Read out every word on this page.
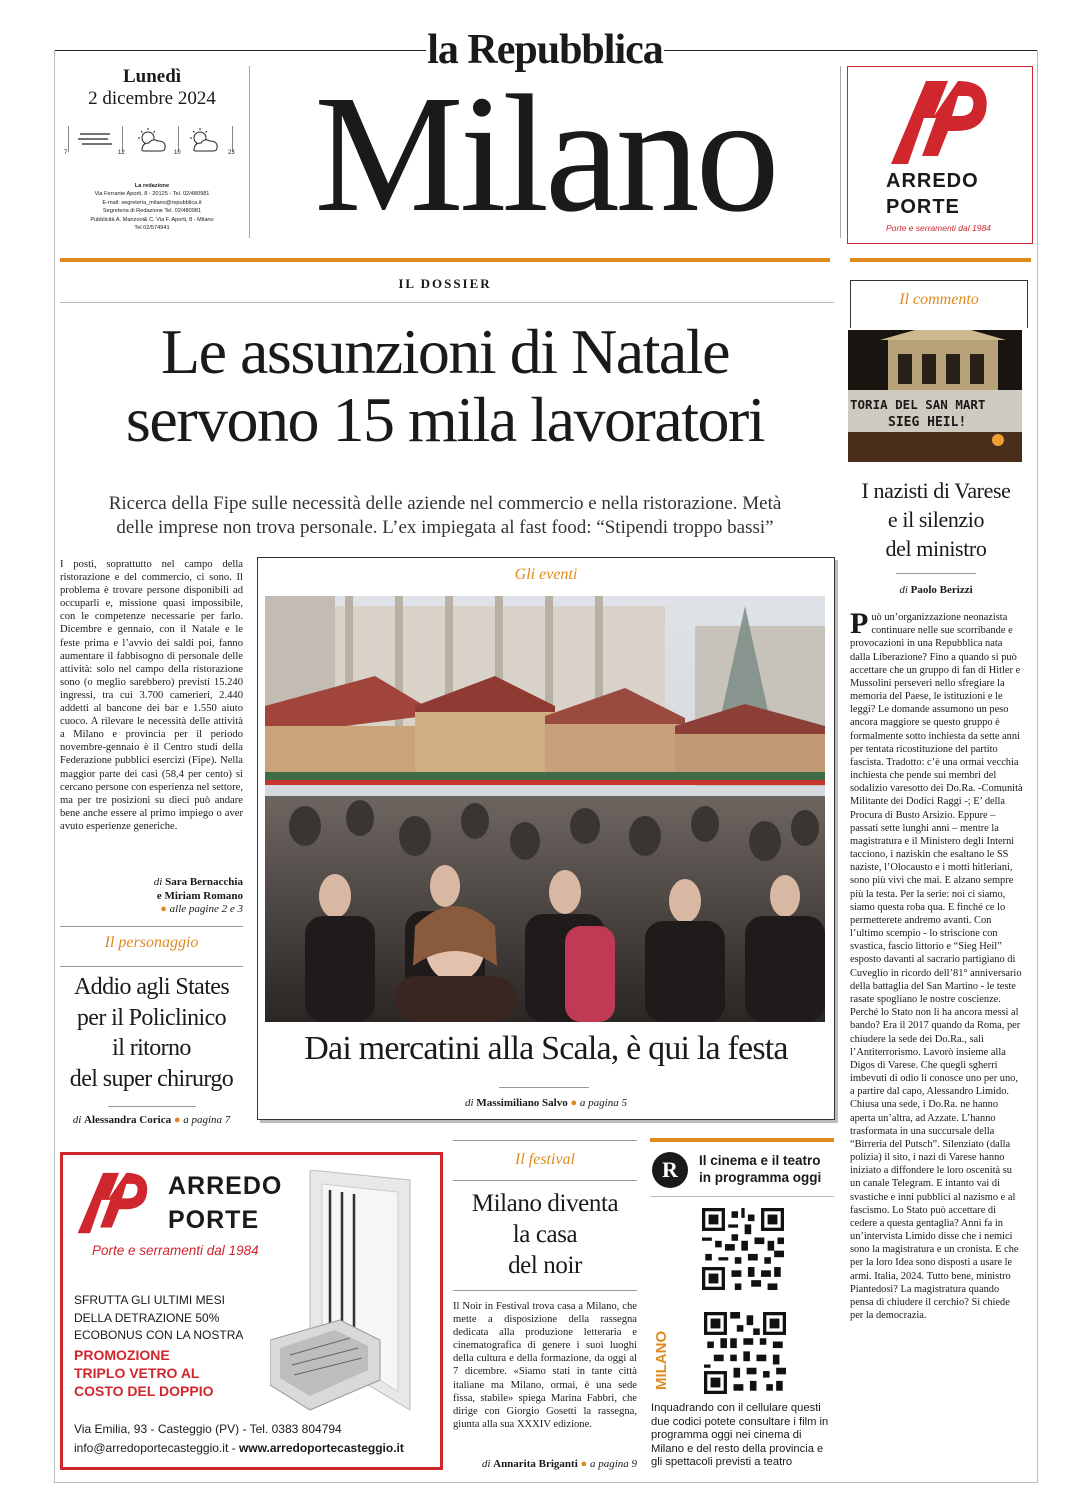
la Repubblica
Milano
Lunedì
2 dicembre 2024
7	12	10	23
La redazione
Via Ferrante Aporti, 8 - 20125 - Tel. 02/480981
E-mail: segreteria_milano@repubblica.it
Segreteria di Redazione Tel. 02/480981
Pubblicità A. Manzoni& C. Via F. Aporti, 8 - Milano
Tel 02/574941
ARREDO
PORTE
Porte e serramenti dal 1984
IL DOSSIER
Le assunzioni di Natale
servono 15 mila lavoratori
Ricerca della Fipe sulle necessità delle aziende nel commercio e nella ristorazione. Metà
delle imprese non trova personale. L’ex impiegata al fast food: “Stipendi troppo bassi”
I posti, soprattutto nel campo della ristorazione e del commercio, ci sono. Il problema è trovare persone disponibili ad occuparli e, missione quasi impossibile, con le competenze necessarie per farlo. Dicembre e gennaio, con il Natale e le feste prima e l’avvio dei saldi poi, fanno aumentare il fabbisogno di personale delle attività: solo nel campo della ristorazione sono (o meglio sarebbero) previsti 15.240 ingressi, tra cui 3.700 camerieri, 2.440 addetti al bancone dei bar e 1.550 aiuto cuoco. A rilevare le necessità delle attività a Milano e provincia per il periodo novembre-gennaio è il Centro studi della Federazione pubblici esercizi (Fipe). Nella maggior parte dei casi (58,4 per cento) si cercano persone con esperienza nel settore, ma per tre posizioni su dieci può andare bene anche essere al primo impiego o aver avuto esperienze generiche.
di Sara Bernacchia
e Miriam Romano
● alle pagine 2 e 3
Il personaggio
Addio agli States
per il Policlinico
il ritorno
del super chirurgo
di Alessandra Corica ● a pagina 7
Gli eventi
Dai mercatini alla Scala, è qui la festa
di Massimiliano Salvo ● a pagina 5
Il commento
TORIA DEL SAN MART
SIEG HEIL!
I nazisti di Varese
e il silenzio
del ministro
di Paolo Berizzi
Può un’organizzazione neonazista continuare nelle sue scorribande e provocazioni in una Repubblica nata dalla Liberazione? Fino a quando si può accettare che un gruppo di fan di Hitler e Mussolini perseveri nello sfregiare la memoria del Paese, le istituzioni e le leggi? Le domande assumono un peso ancora maggiore se questo gruppo è formalmente sotto inchiesta da sette anni per tentata ricostituzione del partito fascista. Tradotto: c’è una ormai vecchia inchiesta che pende sui membri del sodalizio varesotto dei Do.Ra. -Comunità Militante dei Dodici Raggi -; E’ della Procura di Busto Arsizio. Eppure – passati sette lunghi anni – mentre la magistratura e il Ministero degli Interni tacciono, i naziskin che esaltano le SS naziste, l’Olocausto e i motti hitleriani, sono più vivi che mai. E alzano sempre più la testa. Per la serie: noi ci siamo, siamo questa roba qua. E finché ce lo permetterete andremo avanti. Con l’ultimo scempio - lo striscione con svastica, fascio littorio e “Sieg Heil” esposto davanti al sacrario partigiano di Cuveglio in ricordo dell’81° anniversario della battaglia del San Martino - le teste rasate spogliano le nostre coscienze. Perché lo Stato non li ha ancora messi al bando? Era il 2017 quando da Roma, per chiudere la sede dei Do.Ra., salì l’Antiterrorismo. Lavorò insieme alla Digos di Varese. Che quegli sgherri imbevuti di odio li conosce uno per uno, a partire dal capo, Alessandro Limido. Chiusa una sede, i Do.Ra. ne hanno aperta un’altra, ad Azzate. L’hanno trasformata in una succursale della “Birreria del Putsch”. Silenziato (dalla polizia) il sito, i nazi di Varese hanno iniziato a diffondere le loro oscenità su un canale Telegram. E intanto vai di svastiche e inni pubblici al nazismo e al fascismo. Lo Stato può accettare di cedere a questa gentaglia? Anni fa in un’intervista Limido disse che i nemici sono la magistratura e un cronista. E che per la loro Idea sono disposti a usare le armi. Italia, 2024. Tutto bene, ministro Piantedosi? La magistratura quando pensa di chiudere il cerchio? Si chiede per la democrazia.
ARREDO
PORTE
Porte e serramenti dal 1984
SFRUTTA GLI ULTIMI MESI
DELLA DETRAZIONE 50%
ECOBONUS CON LA NOSTRA
PROMOZIONE
TRIPLO VETRO AL
COSTO DEL DOPPIO
Via Emilia, 93 - Casteggio (PV) - Tel. 0383 804794
info@arredoportecasteggio.it - www.arredoportecasteggio.it
Il festival
Milano diventa
la casa
del noir
Il Noir in Festival trova casa a Milano, che mette a disposizione della rassegna dedicata alla produzione letteraria e cinematografica di genere i suoi luoghi della cultura e della formazione, da oggi al 7 dicembre. «Siamo stati in tante città italiane ma Milano, ormai, è una sede fissa, stabile» spiega Marina Fabbri, che dirige con Giorgio Gosetti la rassegna, giunta alla sua XXXIV edizione.
di Annarita Briganti ● a pagina 9
R	Il cinema e il teatro
in programma oggi
MILANO
Inquadrando con il cellulare questi due codici potete consultare i film in programma oggi nei cinema di Milano e del resto della provincia e gli spettacoli previsti a teatro
